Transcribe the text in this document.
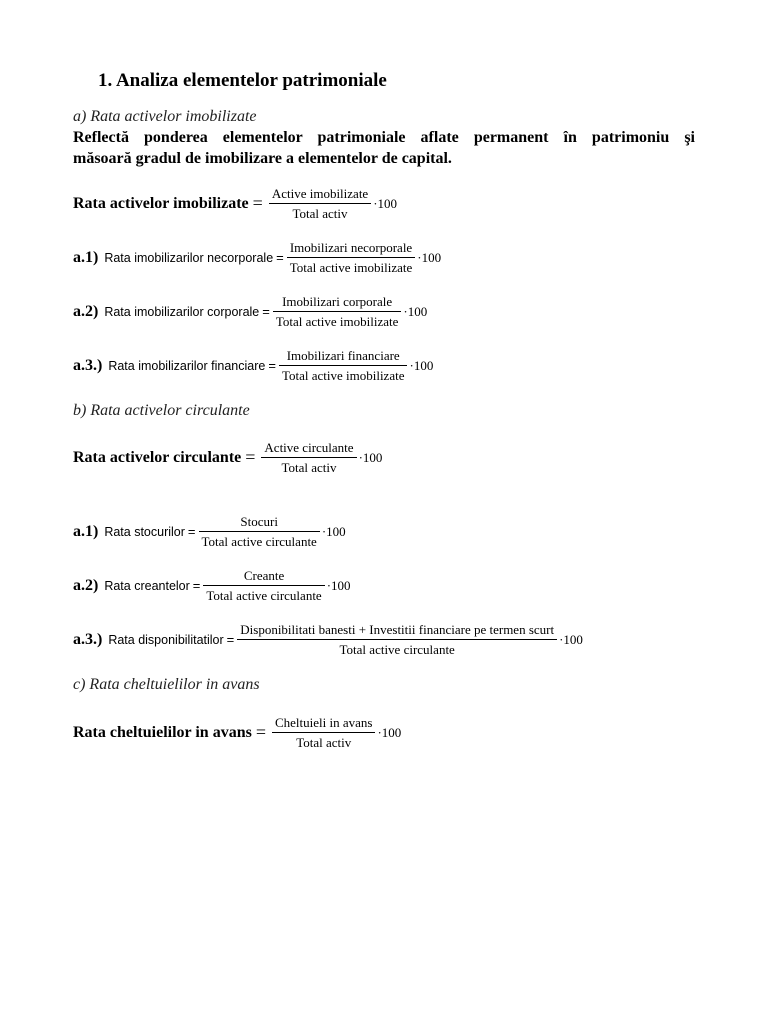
1. Analiza elementelor patrimoniale
a) Rata activelor imobilizate
Reflectă ponderea elementelor patrimoniale aflate permanent în patrimoniu şi
măsoară gradul de imobilizare a elementelor de capital.
Rata activelor imobilizate = $\frac{\text{Active imobilizate}}{\text{Total activ}} \cdot 100$
a.1) Rata imobilizarilor necorporale = $\frac{\text{Imobilizari necorporale}}{\text{Total active imobilizate}} \cdot 100$
a.2) Rata imobilizarilor corporale = $\frac{\text{Imobilizari corporale}}{\text{Total active imobilizate}} \cdot 100$
a.3.) Rata imobilizarilor financiare = $\frac{\text{Imobilizari financiare}}{\text{Total active imobilizate}} \cdot 100$
b) Rata activelor circulante
Rata activelor circulante = $\frac{\text{Active circulante}}{\text{Total activ}} \cdot 100$
a.1) Rata stocurilor = $\frac{\text{Stocuri}}{\text{Total active circulante}} \cdot 100$
a.2) Rata creantelor = $\frac{\text{Creante}}{\text{Total active circulante}} \cdot 100$
a.3.) Rata disponibilitatilor =
Disponibilitati banesti + Investitii financiare pe termen scurt
Total active circulante
·100
c) Rata cheltuielilor in avans
Rata cheltuielilor in avans = $\frac{\text{Cheltuieli in avans}}{\text{Total activ}} \cdot 100$
